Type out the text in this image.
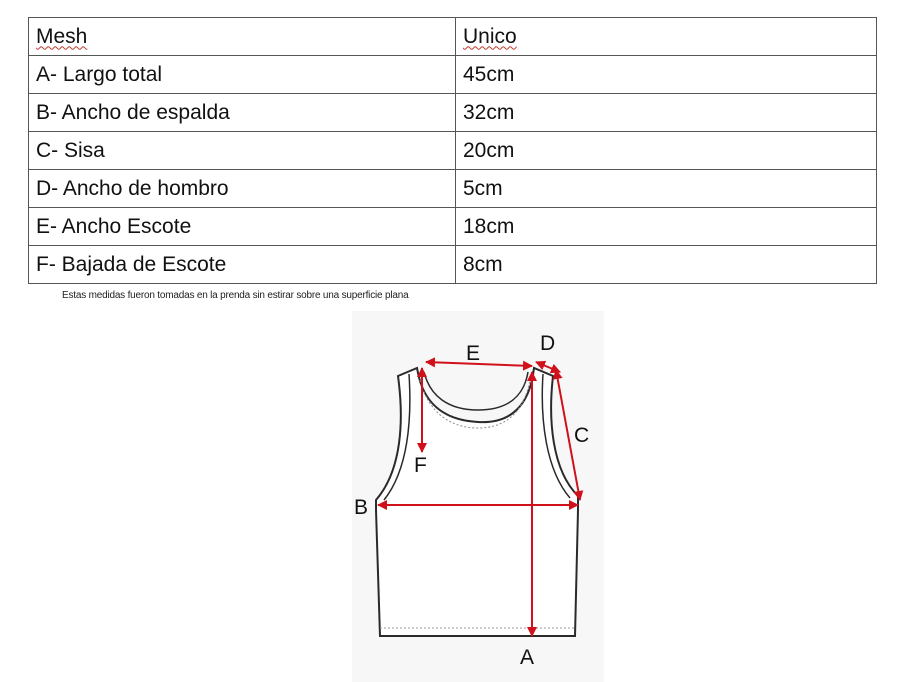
Mesh	Unico
A- Largo total	45cm
B- Ancho de espalda	32cm
C- Sisa	20cm
D- Ancho de hombro	5cm
E- Ancho Escote	18cm
F- Bajada de Escote	8cm
Estas medidas fueron tomadas en la prenda sin estirar sobre una superficie plana
A
B
C
D
E
F
